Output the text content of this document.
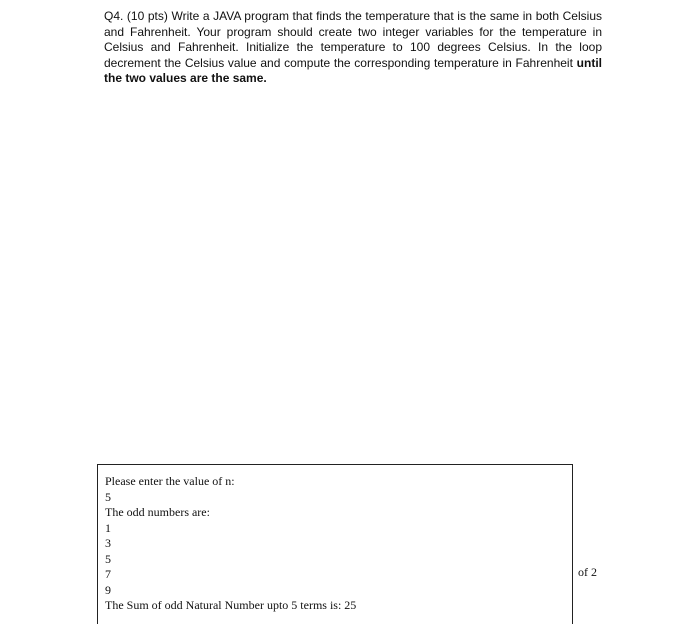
Q4. (10 pts) Write a JAVA program that finds the temperature that is the same in both Celsius and Fahrenheit. Your program should create two integer variables for the temperature in Celsius and Fahrenheit. Initialize the temperature to 100 degrees Celsius. In the loop decrement the Celsius value and compute the corresponding temperature in Fahrenheit until the two values are the same.

Please enter the value of n:
5
The odd numbers are:
1
3
5
7
9
The Sum of odd Natural Number upto 5 terms is: 25
of 2
